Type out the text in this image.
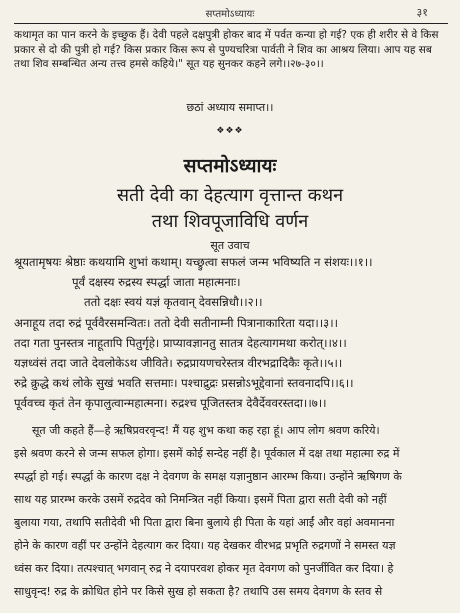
सप्तमोऽध्यायः	३१

कथामृत का पान करने के इच्छुक हैं। देवी पहले दक्षपुत्री होकर बाद में पर्वत कन्या हो गई? एक ही शरीर से वे किस प्रकार से दो की पुत्री हो गई? किस प्रकार किस रूप से पुण्यचरित्रा पार्वती ने शिव का आश्रय लिया। आप यह सब तथा शिव सम्बन्धित अन्य तत्त्व हमसे कहिये।" सूत यह सुनकर कहने लगे।।२७-३०।।

छठां अध्याय समाप्त।।
❖❖❖
सप्तमोऽध्यायः
सती देवी का देहत्याग वृत्तान्त कथन
तथा शिवपूजाविधि वर्णन
सूत उवाच
श्रूयतामृषयः श्रेष्ठाः कथयामि शुभां कथाम्। यच्छ्रुत्वा सफलं जन्म भविष्यति न संशयः।।१।।
पूर्वं दक्षस्य रुद्रस्य स्पर्द्धा जाता महात्मनाः।
ततो दक्षः स्वयं यज्ञं कृतवान् देवसन्निधौ।।२।।
अनाहूय तदा रुद्रं पूर्ववैरसमन्वितः। ततो देवी सतीनाम्नी पित्रानाकारिता यदा।।३।।
तदा गता पुनस्तत्र नाहूतापि पितुर्गृहे। प्राप्यावज्ञानतु सातत्र देहत्यागमथा करोत्।।४।।
यज्ञध्वंसं तदा जाते देवलोकेऽथ जीविते। रुद्रप्रायणचरेस्तत्र वीरभद्रादिकैः कृते।।५।।
रुद्रे क्रुद्धे कथं लोके सुखं भवति सत्तमाः। पश्चाद्रुद्रः प्रसन्नोऽभूद्देवानां स्तवनादपि।।६।।
पूर्ववच्च कृतं तेन कृपालुत्वान्महात्मना। रुद्रश्च पूजितस्तत्र देवैर्देववरस्तदा।।७।।
सूत जी कहते हैं—हे ऋषिप्रवरवृन्द! मैं यह शुभ कथा कह रहा हूं। आप लोग श्रवण करिये।
इसे श्रवण करने से जन्म सफल होगा। इसमें कोई सन्देह नहीं है। पूर्वकाल में दक्ष तथा महात्मा रुद्र में
स्पर्द्धा हो गई। स्पर्द्धा के कारण दक्ष ने देवगण के समक्ष यज्ञानुष्ठान आरम्भ किया। उन्होंने ऋषिगण के
साथ यह प्रारम्भ करके उसमें रुद्रदेव को निमन्त्रित नहीं किया। इसमें पिता द्वारा सती देवी को नहीं
बुलाया गया, तथापि सतीदेवी भी पिता द्वारा बिना बुलाये ही पिता के यहां आईं और वहां अवमानना
होने के कारण वहीं पर उन्होंने देहत्याग कर दिया। यह देखकर वीरभद्र प्रभृति रुद्रगणों ने समस्त यज्ञ
ध्वंस कर दिया। तत्पश्चात् भगवान् रुद्र ने दयापरवश होकर मृत देवगण को पुनर्जीवित कर दिया। हे
साधुवृन्द! रुद्र के क्रोधित होने पर किसे सुख हो सकता है? तथापि उस समय देवगण के स्तव से
